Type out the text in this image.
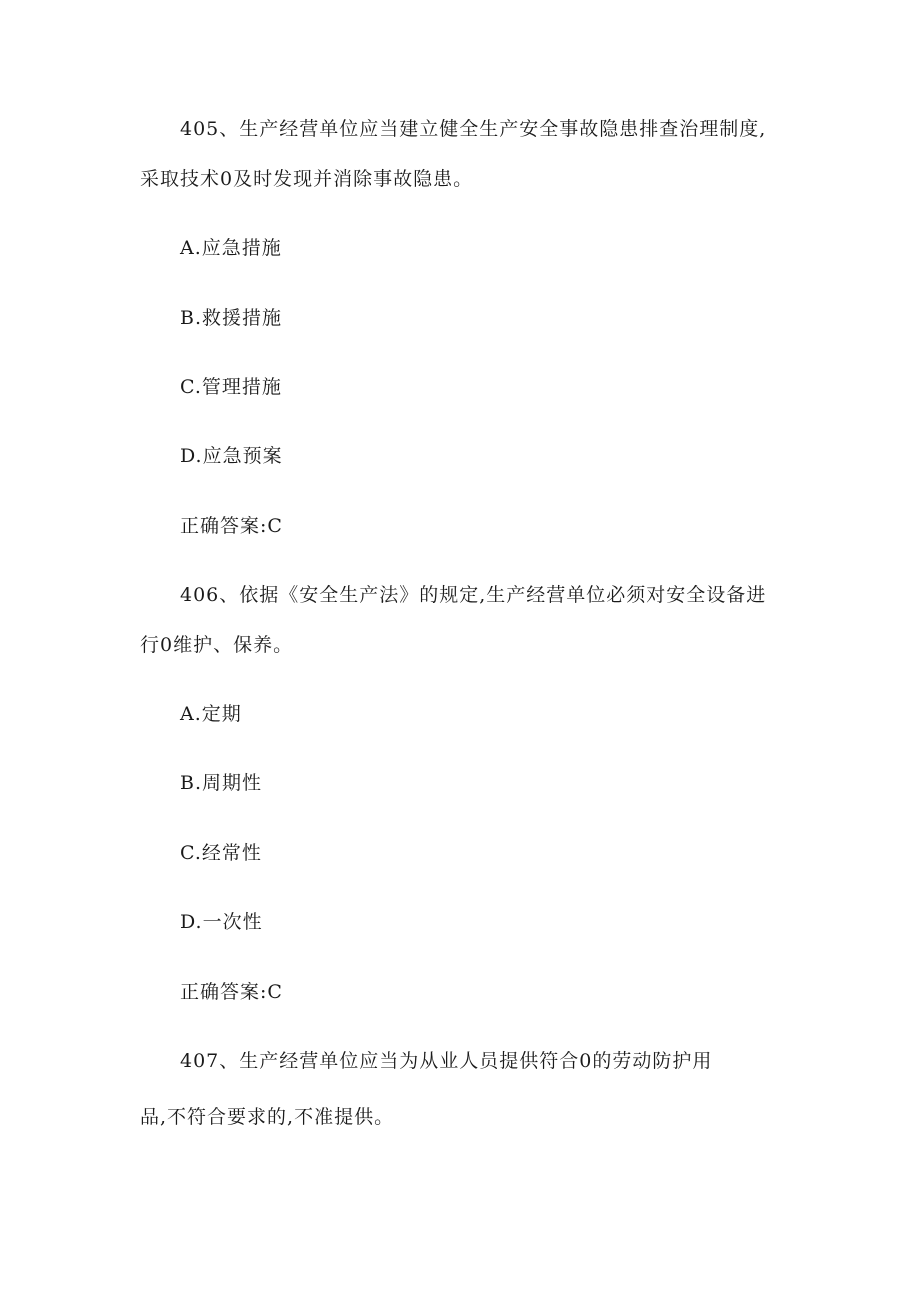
405、生产经营单位应当建立健全生产安全事故隐患排查治理制度,
采取技术0及时发现并消除事故隐患。
A.应急措施
B.救援措施
C.管理措施
D.应急预案
正确答案:C
406、依据《安全生产法》的规定,生产经营单位必须对安全设备进
行0维护、保养。
A.定期
B.周期性
C.经常性
D.一次性
正确答案:C
407、生产经营单位应当为从业人员提供符合0的劳动防护用
品,不符合要求的,不准提供。
